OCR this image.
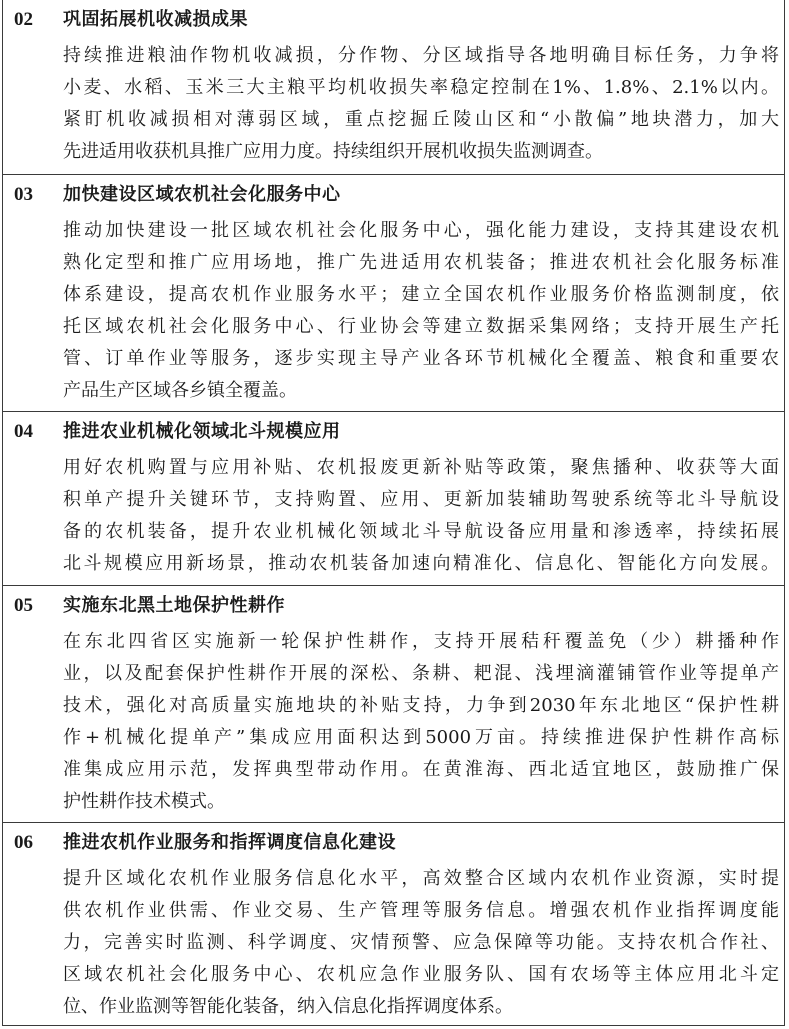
02 巩固拓展机收减损成果
持续推进粮油作物机收减损，分作物、分区域指导各地明确目标任务，力争将
小麦、水稻、玉米三大主粮平均机收损失率稳定控制在1%、1.8%、2.1%以内。
紧盯机收减损相对薄弱区域，重点挖掘丘陵山区和“小散偏”地块潜力，加大
先进适用收获机具推广应用力度。持续组织开展机收损失监测调查。
03 加快建设区域农机社会化服务中心
推动加快建设一批区域农机社会化服务中心，强化能力建设，支持其建设农机
熟化定型和推广应用场地，推广先进适用农机装备；推进农机社会化服务标准
体系建设，提高农机作业服务水平；建立全国农机作业服务价格监测制度，依
托区域农机社会化服务中心、行业协会等建立数据采集网络；支持开展生产托
管、订单作业等服务，逐步实现主导产业各环节机械化全覆盖、粮食和重要农
产品生产区域各乡镇全覆盖。
04 推进农业机械化领域北斗规模应用
用好农机购置与应用补贴、农机报废更新补贴等政策，聚焦播种、收获等大面
积单产提升关键环节，支持购置、应用、更新加装辅助驾驶系统等北斗导航设
备的农机装备，提升农业机械化领域北斗导航设备应用量和渗透率，持续拓展
北斗规模应用新场景，推动农机装备加速向精准化、信息化、智能化方向发展。
05 实施东北黑土地保护性耕作
在东北四省区实施新一轮保护性耕作，支持开展秸秆覆盖免（少）耕播种作
业，以及配套保护性耕作开展的深松、条耕、耙混、浅埋滴灌铺管作业等提单产
技术，强化对高质量实施地块的补贴支持，力争到2030年东北地区“保护性耕
作+机械化提单产”集成应用面积达到5000万亩。持续推进保护性耕作高标
准集成应用示范，发挥典型带动作用。在黄淮海、西北适宜地区，鼓励推广保
护性耕作技术模式。
06 推进农机作业服务和指挥调度信息化建设
提升区域化农机作业服务信息化水平，高效整合区域内农机作业资源，实时提
供农机作业供需、作业交易、生产管理等服务信息。增强农机作业指挥调度能
力，完善实时监测、科学调度、灾情预警、应急保障等功能。支持农机合作社、
区域农机社会化服务中心、农机应急作业服务队、国有农场等主体应用北斗定
位、作业监测等智能化装备，纳入信息化指挥调度体系。
